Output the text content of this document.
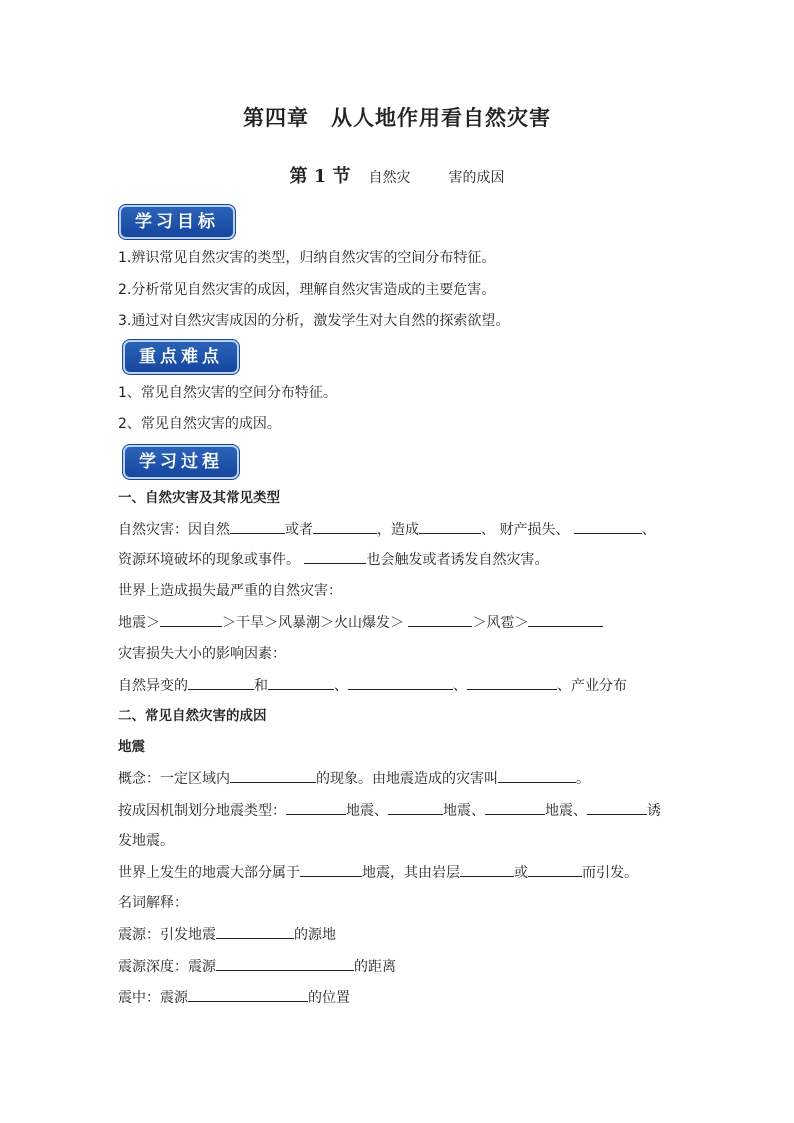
第四章　从人地作用看自然灾害
第 1 节 自然灾	害的成因
学习目标
1.辨识常见自然灾害的类型，归纳自然灾害的空间分布特征。
2.分析常见自然灾害的成因，理解自然灾害造成的主要危害。
3.通过对自然灾害成因的分析，激发学生对大自然的探索欲望。
重点难点
1、常见自然灾害的空间分布特征。
2、常见自然灾害的成因。
学习过程
一、自然灾害及其常见类型
自然灾害：因自然	或者	，造成	、 财产损失、	、
资源环境破坏的现象或事件。	也会触发或者诱发自然灾害。
世界上造成损失最严重的自然灾害：
地震＞	＞干旱＞风暴潮＞火山爆发＞	＞风雹＞
灾害损失大小的影响因素：
自然异变的	和	、	、	、产业分布
二、常见自然灾害的成因
地震
概念：一定区域内	的现象。由地震造成的灾害叫	。
按成因机制划分地震类型：	地震、	地震、	地震、	诱
发地震。
世界上发生的地震大部分属于	地震，其由岩层	或	而引发。
名词解释：
震源：引发地震	的源地
震源深度：震源	的距离
震中：震源	的位置
